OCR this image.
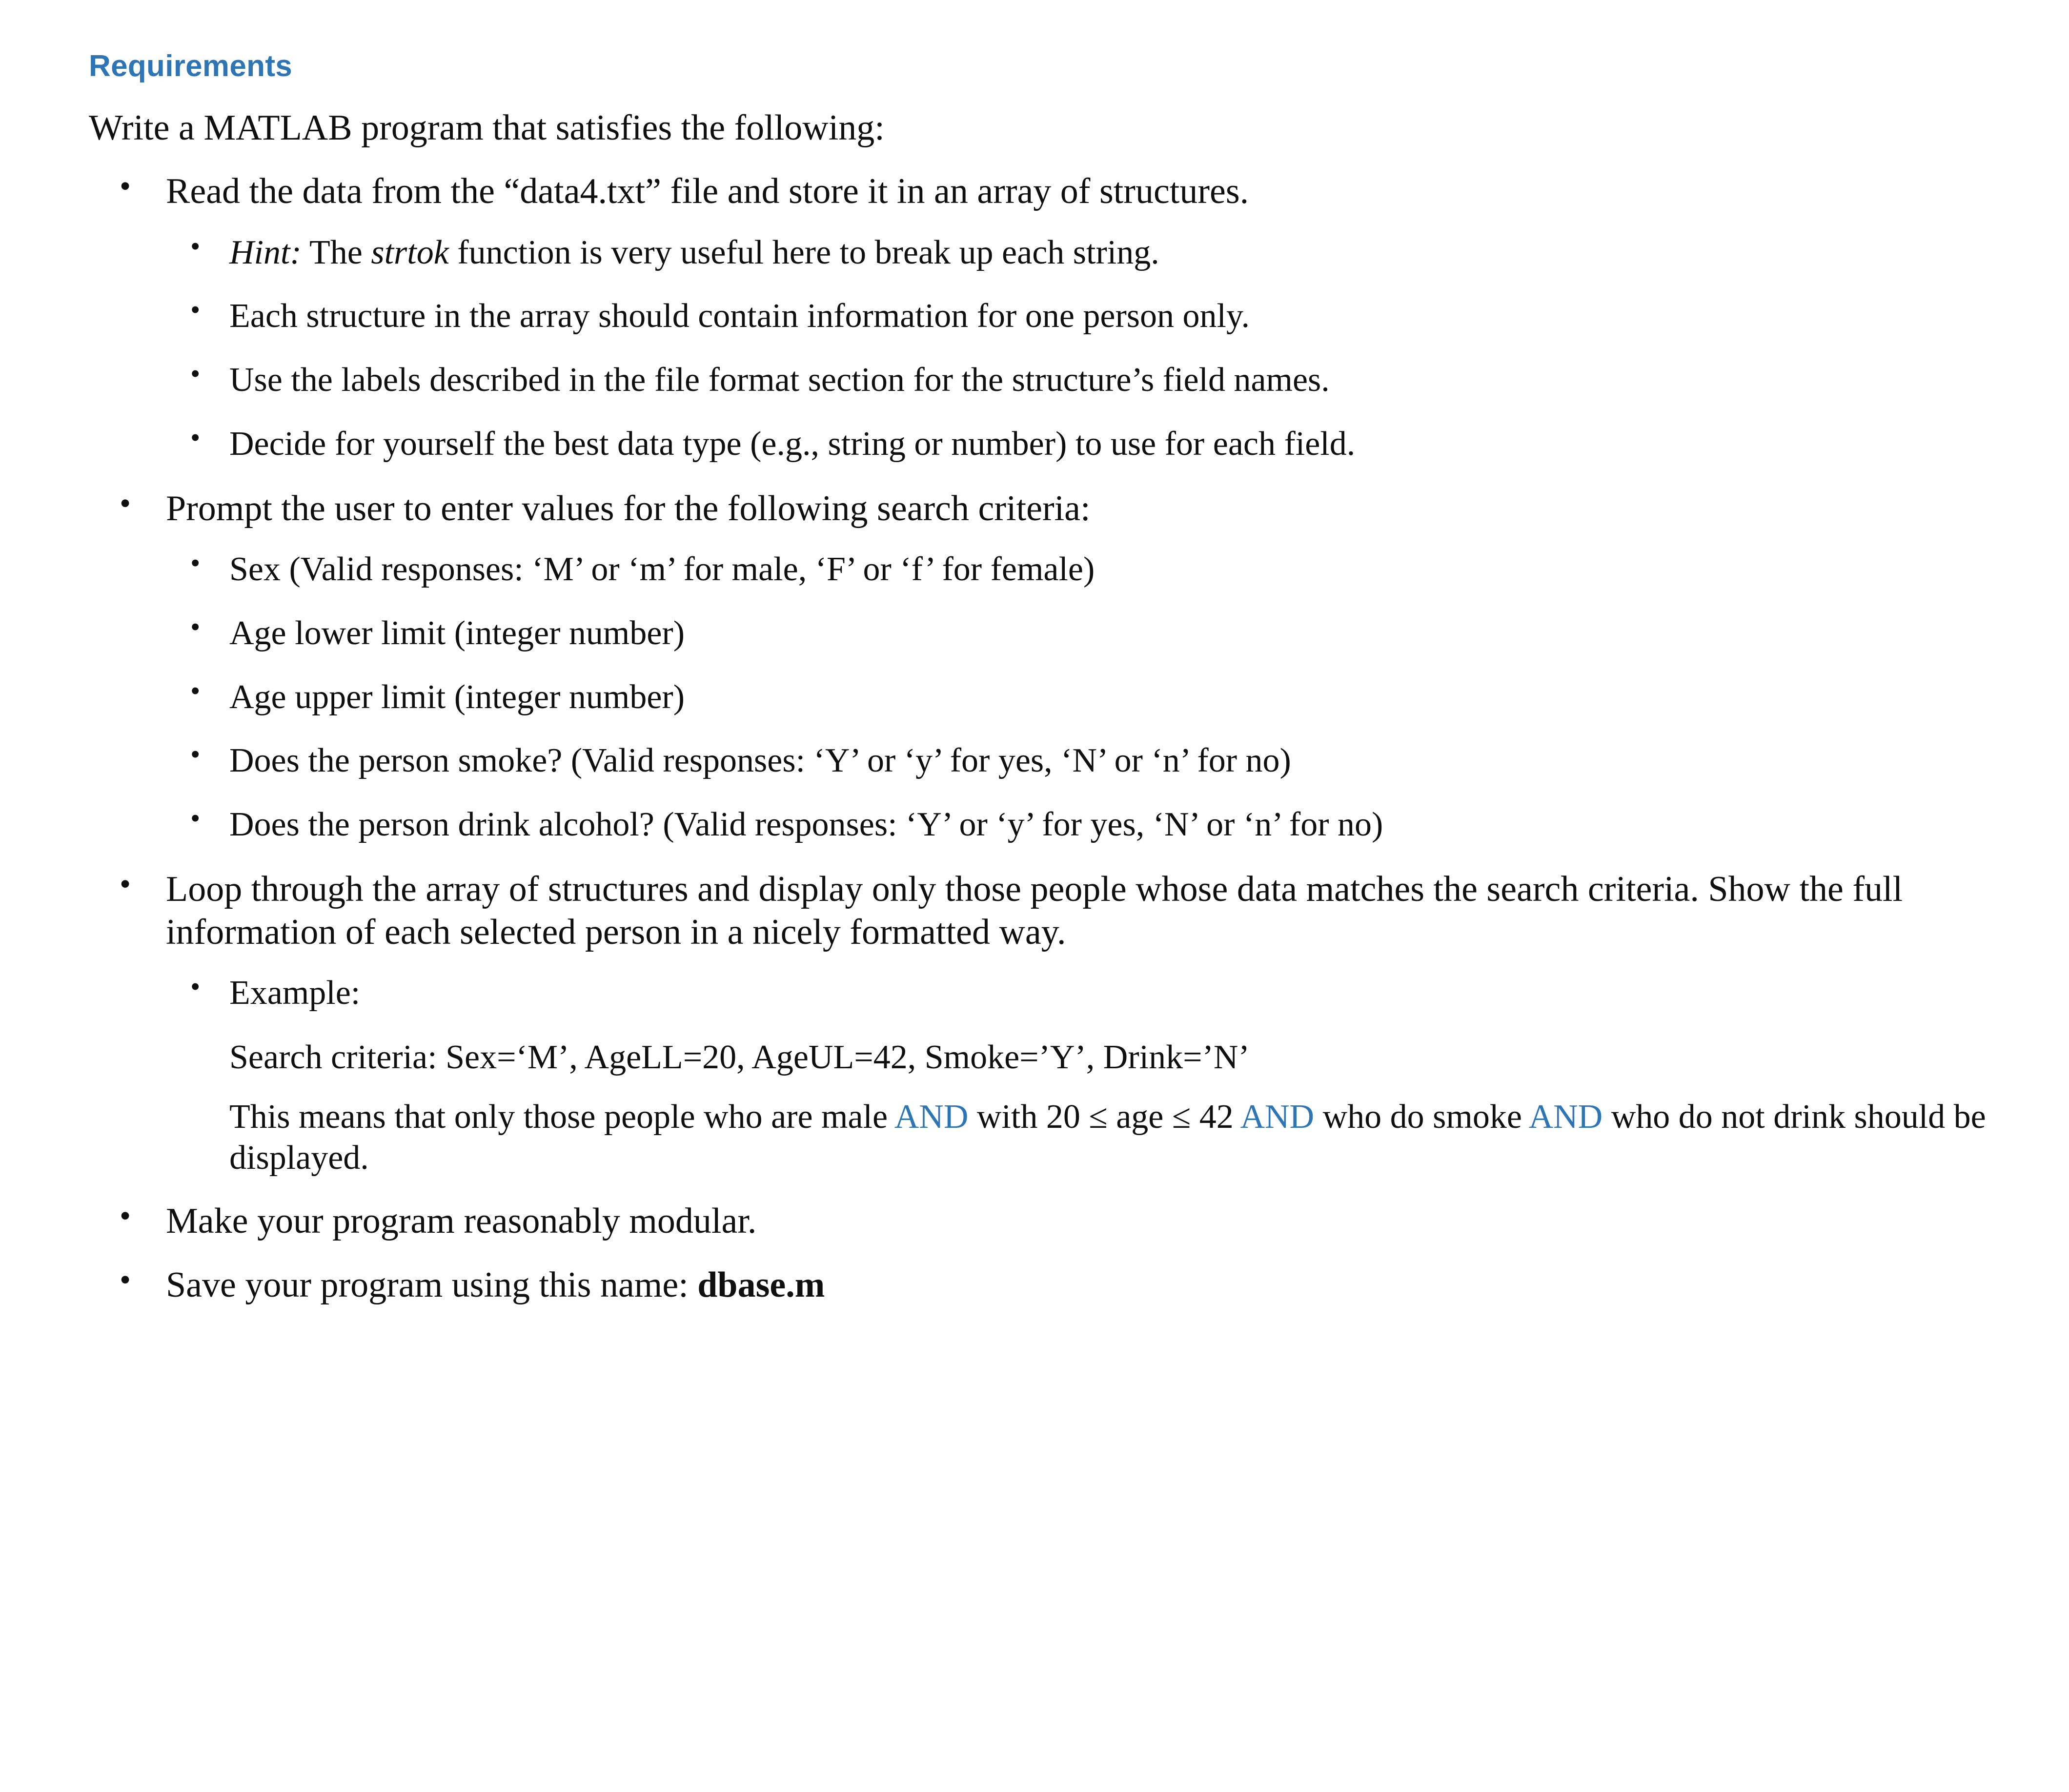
Requirements

Write a MATLAB program that satisfies the following:

• Read the data from the “data4.txt” file and store it in an array of structures.
• Hint: The strtok function is very useful here to break up each string.
• Each structure in the array should contain information for one person only.
• Use the labels described in the file format section for the structure’s field names.
• Decide for yourself the best data type (e.g., string or number) to use for each field.
• Prompt the user to enter values for the following search criteria:
• Sex (Valid responses: ‘M’ or ‘m’ for male, ‘F’ or ‘f’ for female)
• Age lower limit (integer number)
• Age upper limit (integer number)
• Does the person smoke? (Valid responses: ‘Y’ or ‘y’ for yes, ‘N’ or ‘n’ for no)
• Does the person drink alcohol? (Valid responses: ‘Y’ or ‘y’ for yes, ‘N’ or ‘n’ for no)
• Loop through the array of structures and display only those people whose data matches the search criteria. Show the full information of each selected person in a nicely formatted way.
• Example:
Search criteria: Sex=‘M’, AgeLL=20, AgeUL=42, Smoke=’Y’, Drink=’N’
This means that only those people who are male AND with 20 ≤ age ≤ 42 AND who do smoke AND who do not drink should be displayed.
• Make your program reasonably modular.
• Save your program using this name: dbase.m
